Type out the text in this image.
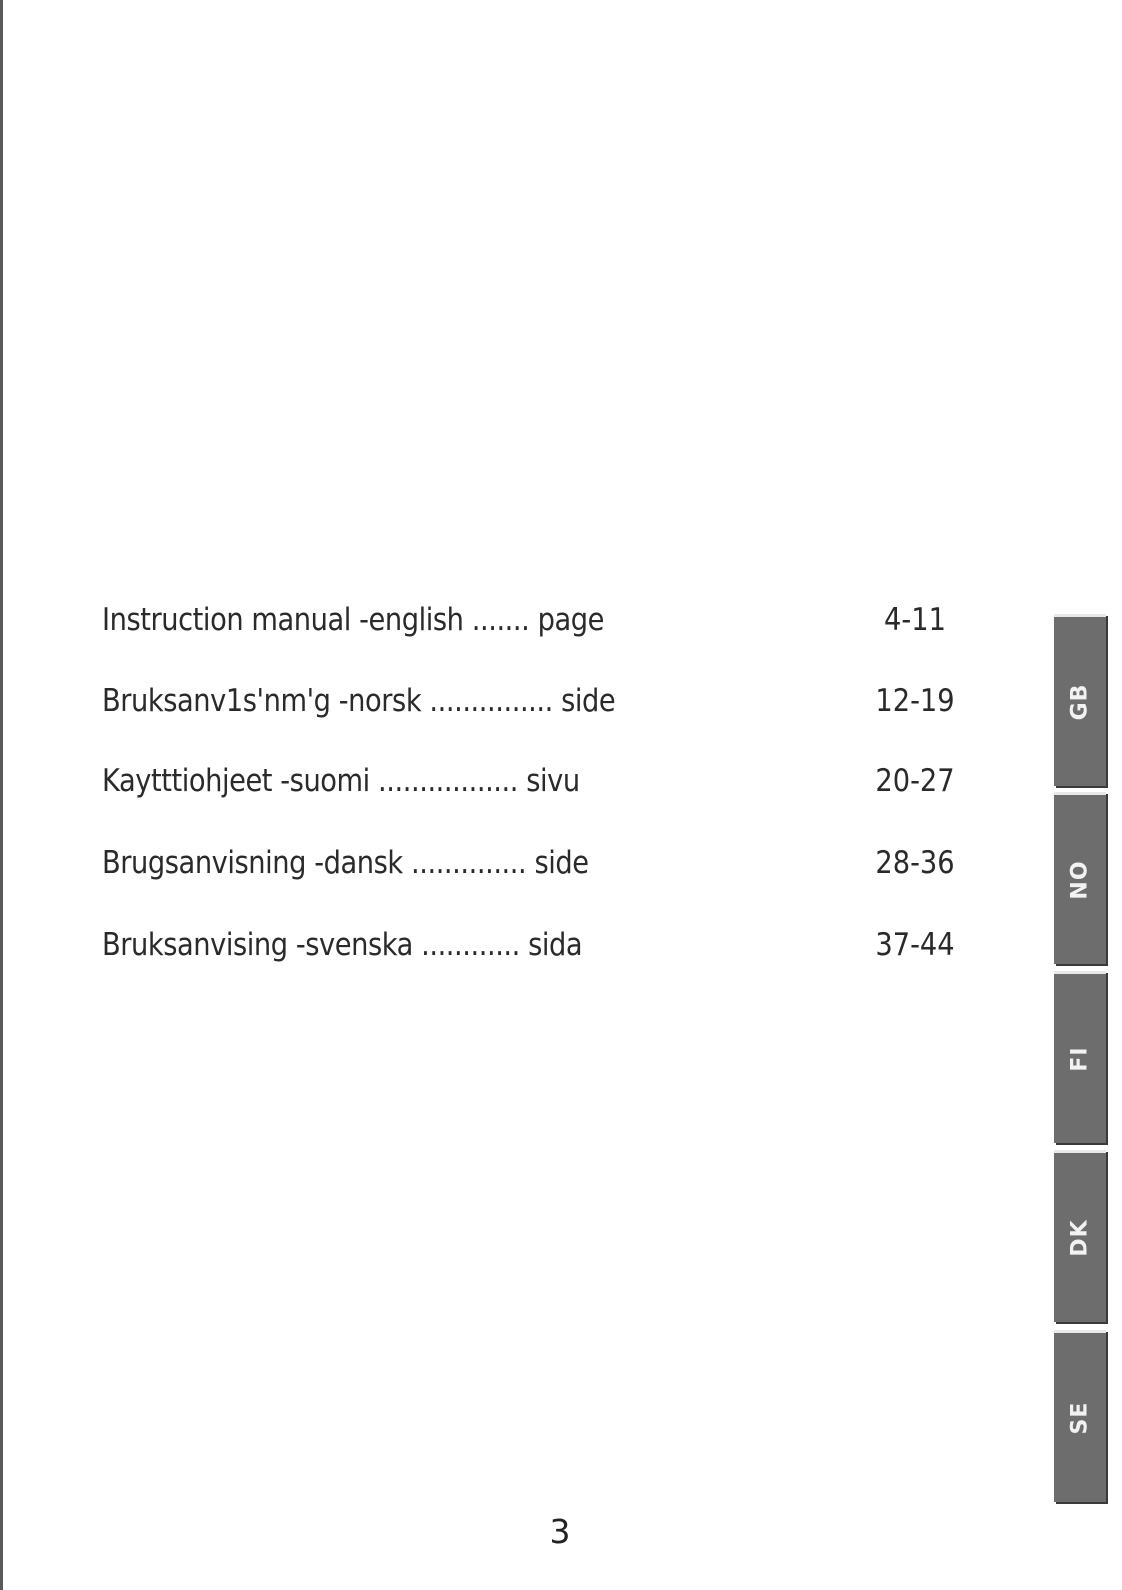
Instruction manual -english ....... page	4-11
Bruksanv1s'nm'g -norsk ............... side	12-19
Kaytttiohjeet -suomi ................. sivu	20-27
Brugsanvisning -dansk .............. side	28-36
Bruksanvising -svenska ............ sida	37-44
GB
NO
FI
DK
SE
3
